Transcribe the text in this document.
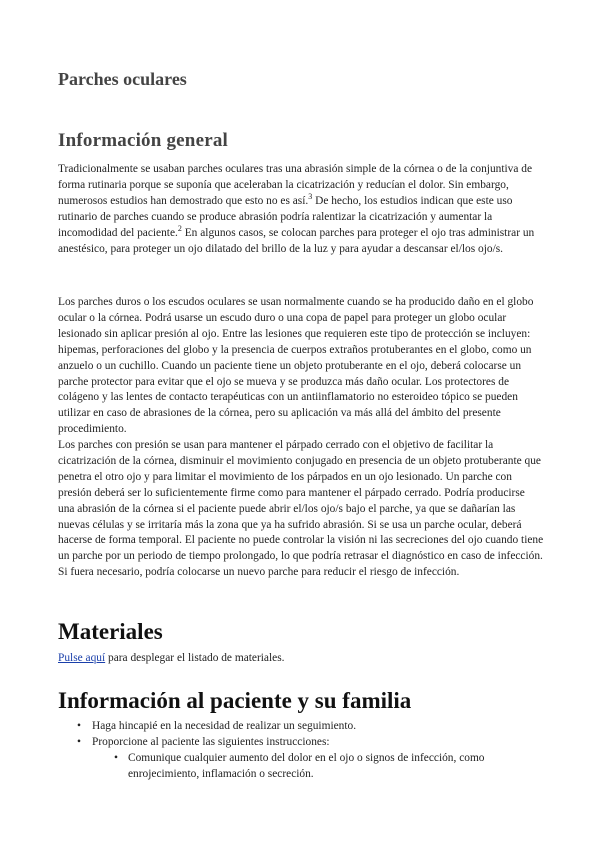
Parches oculares
Información general

Tradicionalmente se usaban parches oculares tras una abrasión simple de la córnea o de la conjuntiva de forma rutinaria porque se suponía que aceleraban la cicatrización y reducían el dolor. Sin embargo, numerosos estudios han demostrado que esto no es así.$^3$ De hecho, los estudios indican que este uso rutinario de parches cuando se produce abrasión podría ralentizar la cicatrización y aumentar la incomodidad del paciente.$^2$ En algunos casos, se colocan parches para proteger el ojo tras administrar un anestésico, para proteger un ojo dilatado del brillo de la luz y para ayudar a descansar el/los ojo/s.

Los parches duros o los escudos oculares se usan normalmente cuando se ha producido daño en el globo ocular o la córnea. Podrá usarse un escudo duro o una copa de papel para proteger un globo ocular lesionado sin aplicar presión al ojo. Entre las lesiones que requieren este tipo de protección se incluyen: hipemas, perforaciones del globo y la presencia de cuerpos extraños protuberantes en el globo, como un anzuelo o un cuchillo. Cuando un paciente tiene un objeto protuberante en el ojo, deberá colocarse un parche protector para evitar que el ojo se mueva y se produzca más daño ocular. Los protectores de colágeno y las lentes de contacto terapéuticas con un antiinflamatorio no esteroideo tópico se pueden utilizar en caso de abrasiones de la córnea, pero su aplicación va más allá del ámbito del presente procedimiento.

Los parches con presión se usan para mantener el párpado cerrado con el objetivo de facilitar la cicatrización de la córnea, disminuir el movimiento conjugado en presencia de un objeto protuberante que penetra el otro ojo y para limitar el movimiento de los párpados en un ojo lesionado. Un parche con presión deberá ser lo suficientemente firme como para mantener el párpado cerrado. Podría producirse una abrasión de la córnea si el paciente puede abrir el/los ojo/s bajo el parche, ya que se dañarían las nuevas células y se irritaría más la zona que ya ha sufrido abrasión. Si se usa un parche ocular, deberá hacerse de forma temporal. El paciente no puede controlar la visión ni las secreciones del ojo cuando tiene un parche por un periodo de tiempo prolongado, lo que podría retrasar el diagnóstico en caso de infección. Si fuera necesario, podría colocarse un nuevo parche para reducir el riesgo de infección.

Materiales

Pulse aquí para desplegar el listado de materiales.

Información al paciente y su familia
• Haga hincapié en la necesidad de realizar un seguimiento.
• Proporcione al paciente las siguientes instrucciones:
• Comunique cualquier aumento del dolor en el ojo o signos de infección, como enrojecimiento, inflamación o secreción.
